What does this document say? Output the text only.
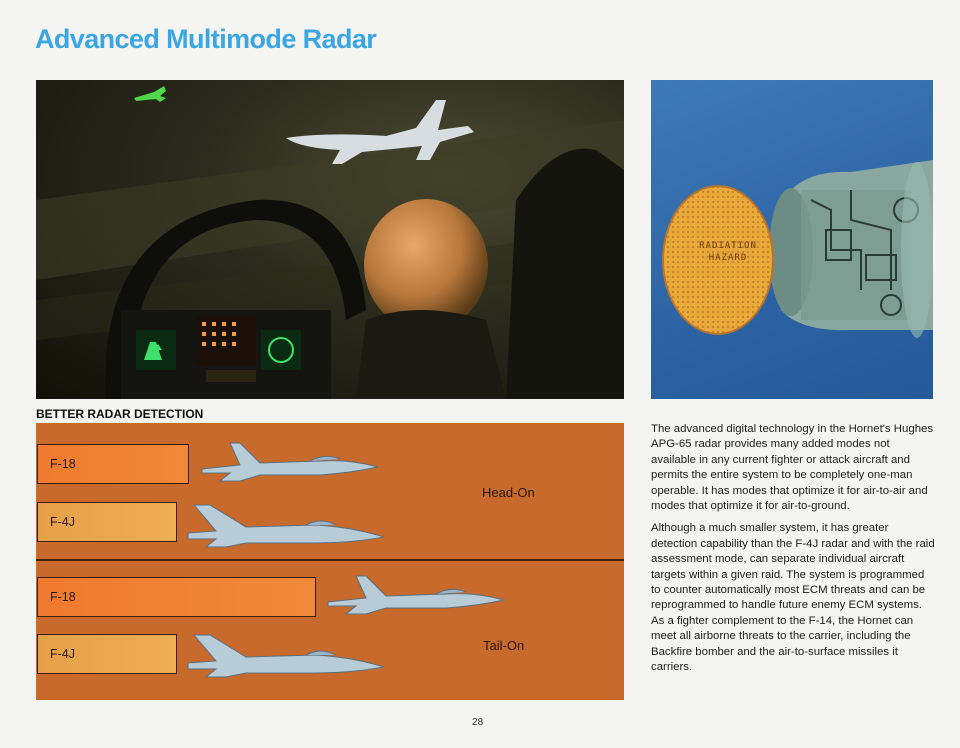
Advanced Multimode Radar
RADIATION
HAZARD
BETTER RADAR DETECTION
F-18
F-4J
Head-On
F-18
F-4J
Tail-On

The advanced digital technology in the Hornet's Hughes APG-65 radar provides many added modes not available in any current fighter or attack aircraft and permits the entire system to be completely one-man operable. It has modes that optimize it for air-to-air and modes that optimize it for air-to-ground.

Although a much smaller system, it has greater detection capability than the F-4J radar and with the raid assessment mode, can separate individual aircraft targets within a given raid. The system is programmed to counter automatically most ECM threats and can be reprogrammed to handle future enemy ECM systems. As a fighter complement to the F-14, the Hornet can meet all airborne threats to the carrier, including the Backfire bomber and the air-to-surface missiles it carriers.

28
